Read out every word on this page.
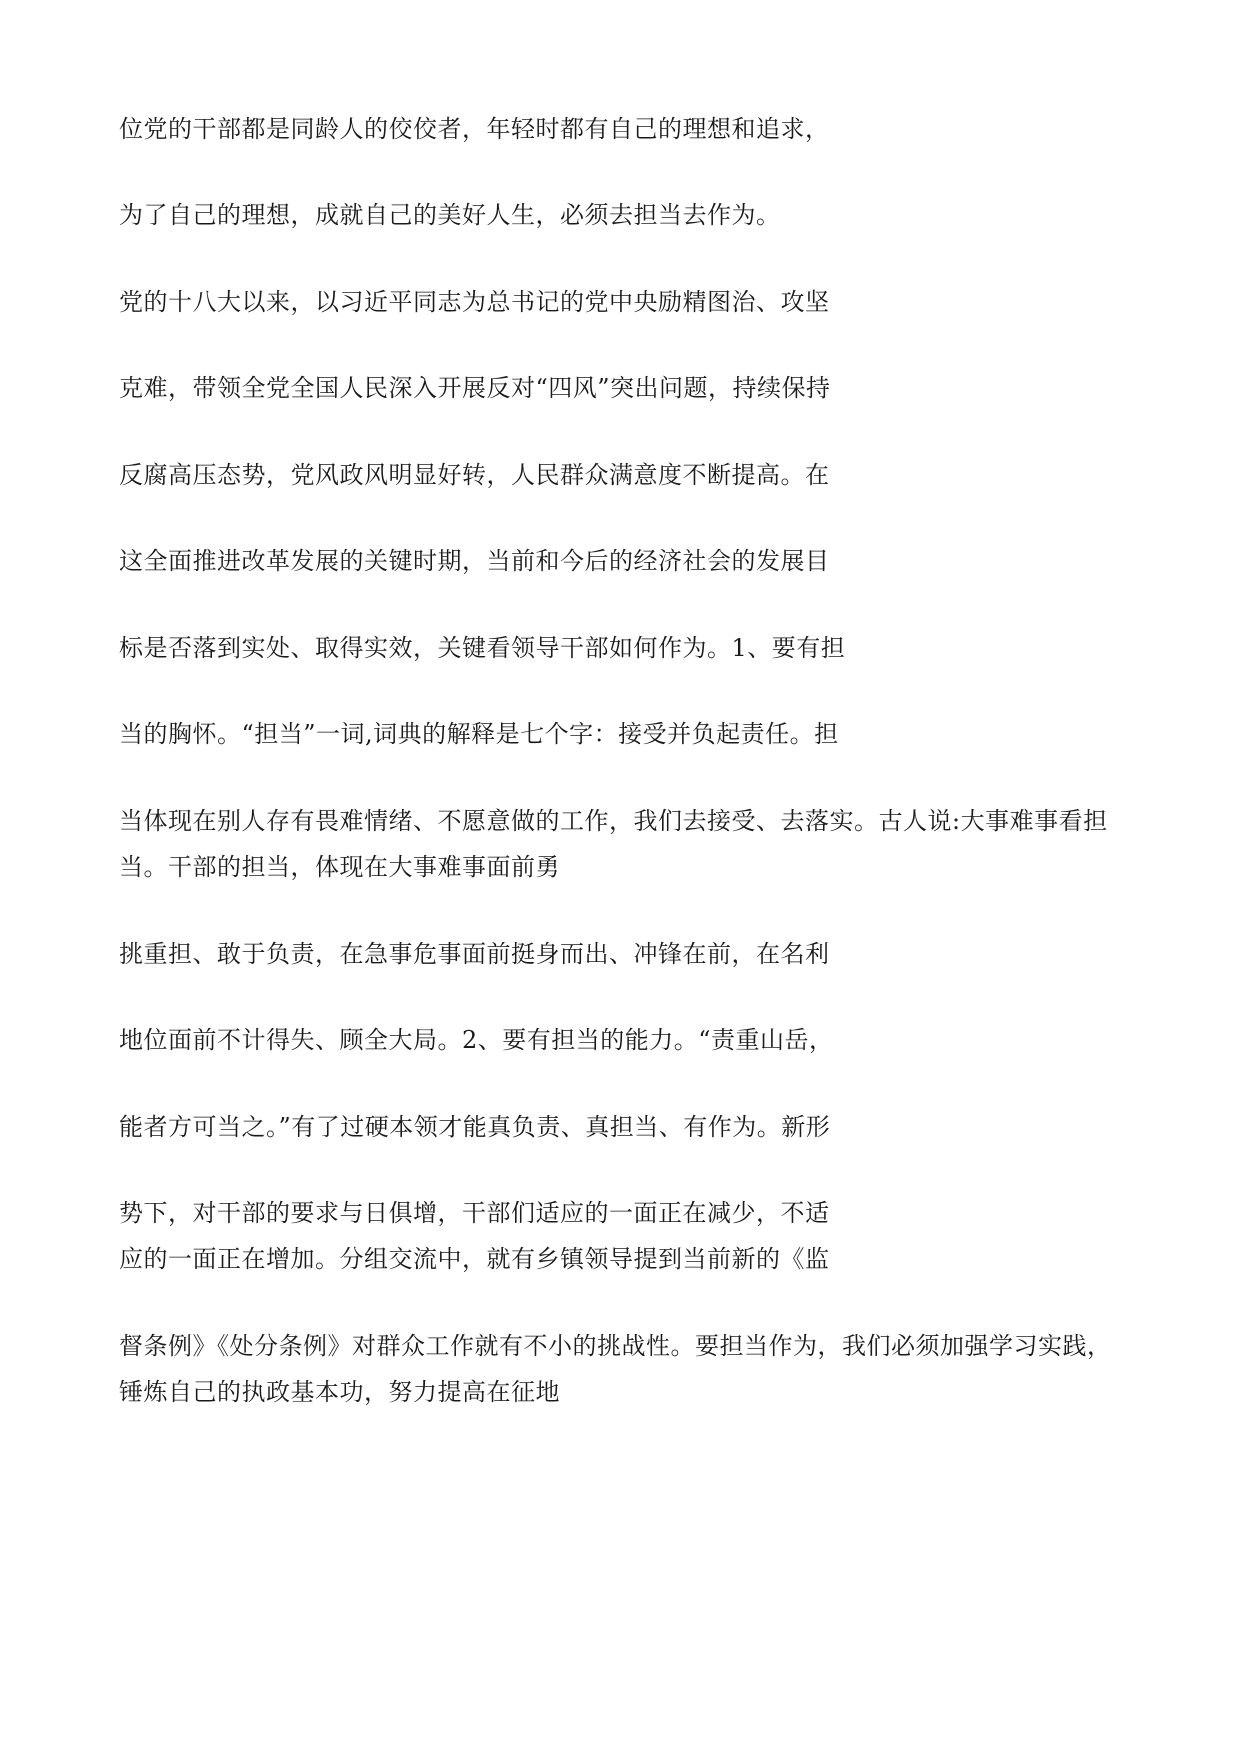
位党的干部都是同龄人的佼佼者，年轻时都有自己的理想和追求，
为了自己的理想，成就自己的美好人生，必须去担当去作为。
党的十八大以来，以习近平同志为总书记的党中央励精图治、攻坚
克难，带领全党全国人民深入开展反对“四风”突出问题，持续保持
反腐高压态势，党风政风明显好转，人民群众满意度不断提高。在
这全面推进改革发展的关键时期，当前和今后的经济社会的发展目
标是否落到实处、取得实效，关键看领导干部如何作为。1、要有担
当的胸怀。“担当”一词,词典的解释是七个字：接受并负起责任。担
当体现在别人存有畏难情绪、不愿意做的工作，我们去接受、去落实。古人说:大事难事看担
当。干部的担当，体现在大事难事面前勇
挑重担、敢于负责，在急事危事面前挺身而出、冲锋在前，在名利
地位面前不计得失、顾全大局。2、要有担当的能力。“责重山岳，
能者方可当之。”有了过硬本领才能真负责、真担当、有作为。新形
势下，对干部的要求与日俱增，干部们适应的一面正在减少，不适
应的一面正在增加。分组交流中，就有乡镇领导提到当前新的《监
督条例》《处分条例》对群众工作就有不小的挑战性。要担当作为，我们必须加强学习实践，
锤炼自己的执政基本功，努力提高在征地
